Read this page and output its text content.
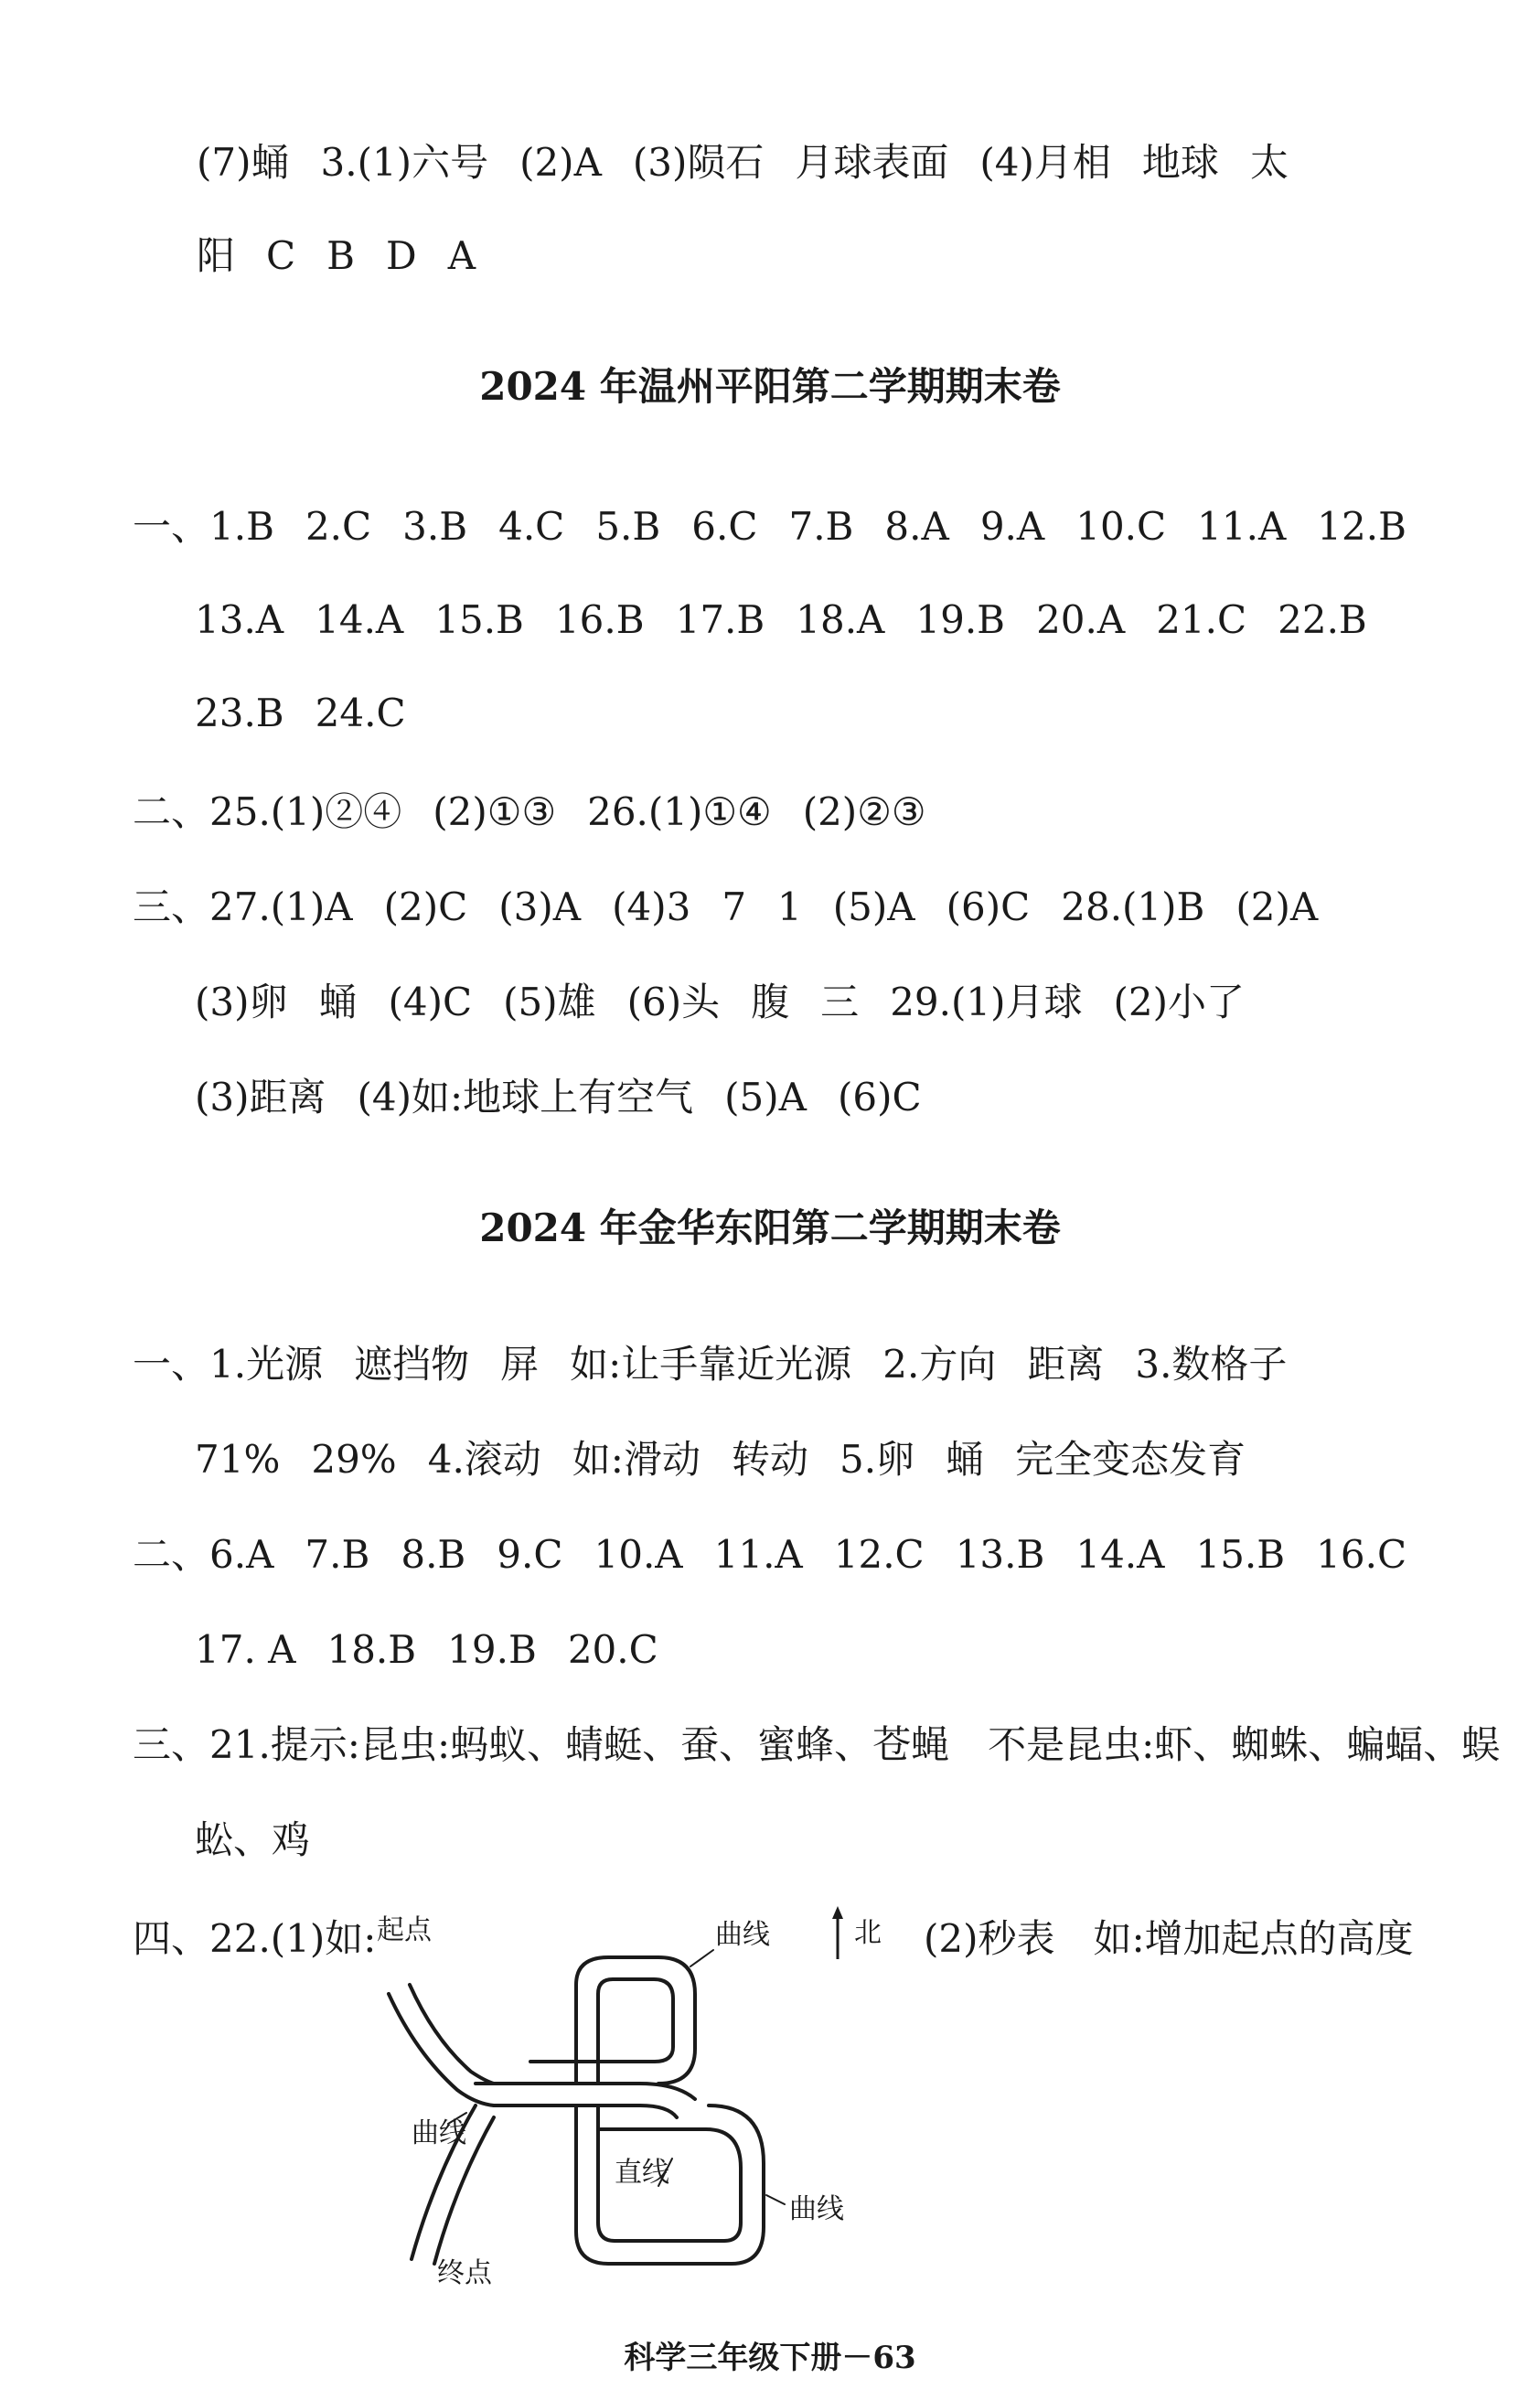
(7)蛹 3.(1)六号 (2)A (3)陨石 月球表面 (4)月相 地球 太
阳 C B D A
2024 年温州平阳第二学期期末卷
一、1.B 2.C 3.B 4.C 5.B 6.C 7.B 8.A 9.A 10.C 11.A 12.B
13.A 14.A 15.B 16.B 17.B 18.A 19.B 20.A 21.C 22.B
23.B 24.C
二、25.(1)②④ (2)①③ 26.(1)①④ (2)②③
三、27.(1)A (2)C (3)A (4)3 7 1 (5)A (6)C 28.(1)B (2)A
(3)卵 蛹 (4)C (5)雄 (6)头 腹 三 29.(1)月球 (2)小了
(3)距离 (4)如:地球上有空气 (5)A (6)C
2024 年金华东阳第二学期期末卷
一、1.光源 遮挡物 屏 如:让手靠近光源 2.方向 距离 3.数格子
71% 29% 4.滚动 如:滑动 转动 5.卵 蛹 完全变态发育
二、6.A 7.B 8.B 9.C 10.A 11.A 12.C 13.B 14.A 15.B 16.C
17. A 18.B 19.B 20.C
三、21.提示:昆虫:蚂蚁、蜻蜓、蚕、蜜蜂、苍蝇　不是昆虫:虾、蜘蛛、蝙蝠、蜈
蚣、鸡
四、22.(1)如:	(2)秒表　如:增加起点的高度
起点	曲线
曲线
直线
曲线
终点
北
科学三年级下册－63
